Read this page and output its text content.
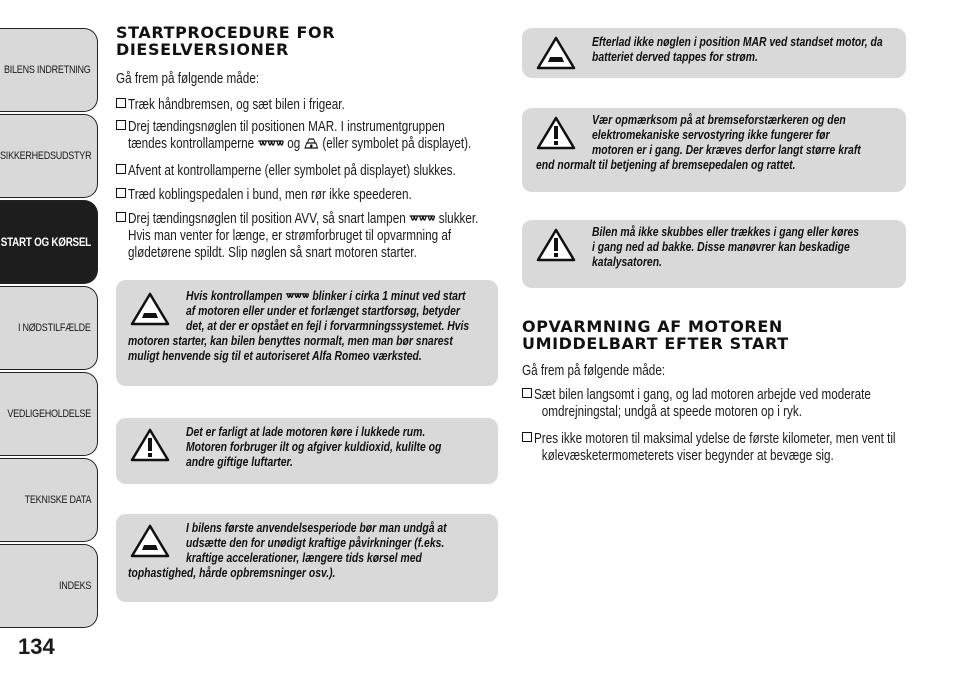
BILENS INDRETNING
SIKKERHEDSUDSTYR
START OG KØRSEL
I NØDSTILFÆLDE
VEDLIGEHOLDELSE
TEKNISKE DATA
INDEKS
134
STARTPROCEDURE FOR
DIESELVERSIONER
Gå frem på følgende måde:
Træk håndbremsen, og sæt bilen i frigear.
Drej tændingsnøglen til positionen MAR. I instrumentgruppen
tændes kontrollamperne og (eller symbolet på displayet).
Afvent at kontrollamperne (eller symbolet på displayet) slukkes.
Træd koblingspedalen i bund, men rør ikke speederen.
Drej tændingsnøglen til position AVV, så snart lampen slukker.
Hvis man venter for længe, er strømforbruget til opvarmning af
glødetørene spildt. Slip nøglen så snart motoren starter.
Hvis kontrollampen blinker i cirka 1 minut ved start
af motoren eller under et forlænget startforsøg, betyder
det, at der er opstået en fejl i forvarmningssystemet. Hvis
motoren starter, kan bilen benyttes normalt, men man bør snarest
muligt henvende sig til et autoriseret Alfa Romeo værksted.
Det er farligt at lade motoren køre i lukkede rum.
Motoren forbruger ilt og afgiver kuldioxid, kulilte og
andre giftige luftarter.
I bilens første anvendelsesperiode bør man undgå at
udsætte den for unødigt kraftige påvirkninger (f.eks.
kraftige accelerationer, længere tids kørsel med
tophastighed, hårde opbremsninger osv.).
Efterlad ikke nøglen i position MAR ved standset motor, da
batteriet derved tappes for strøm.
Vær opmærksom på at bremseforstærkeren og den
elektromekaniske servostyring ikke fungerer før
motoren er i gang. Der kræves derfor langt større kraft
end normalt til betjening af bremsepedalen og rattet.
Bilen må ikke skubbes eller trækkes i gang eller køres
i gang ned ad bakke. Disse manøvrer kan beskadige
katalysatoren.
OPVARMNING AF MOTOREN
UMIDDELBART EFTER START
Gå frem på følgende måde:
Sæt bilen langsomt i gang, og lad motoren arbejde ved moderate
omdrejningstal; undgå at speede motoren op i ryk.
Pres ikke motoren til maksimal ydelse de første kilometer, men vent til
kølevæsketermometerets viser begynder at bevæge sig.
